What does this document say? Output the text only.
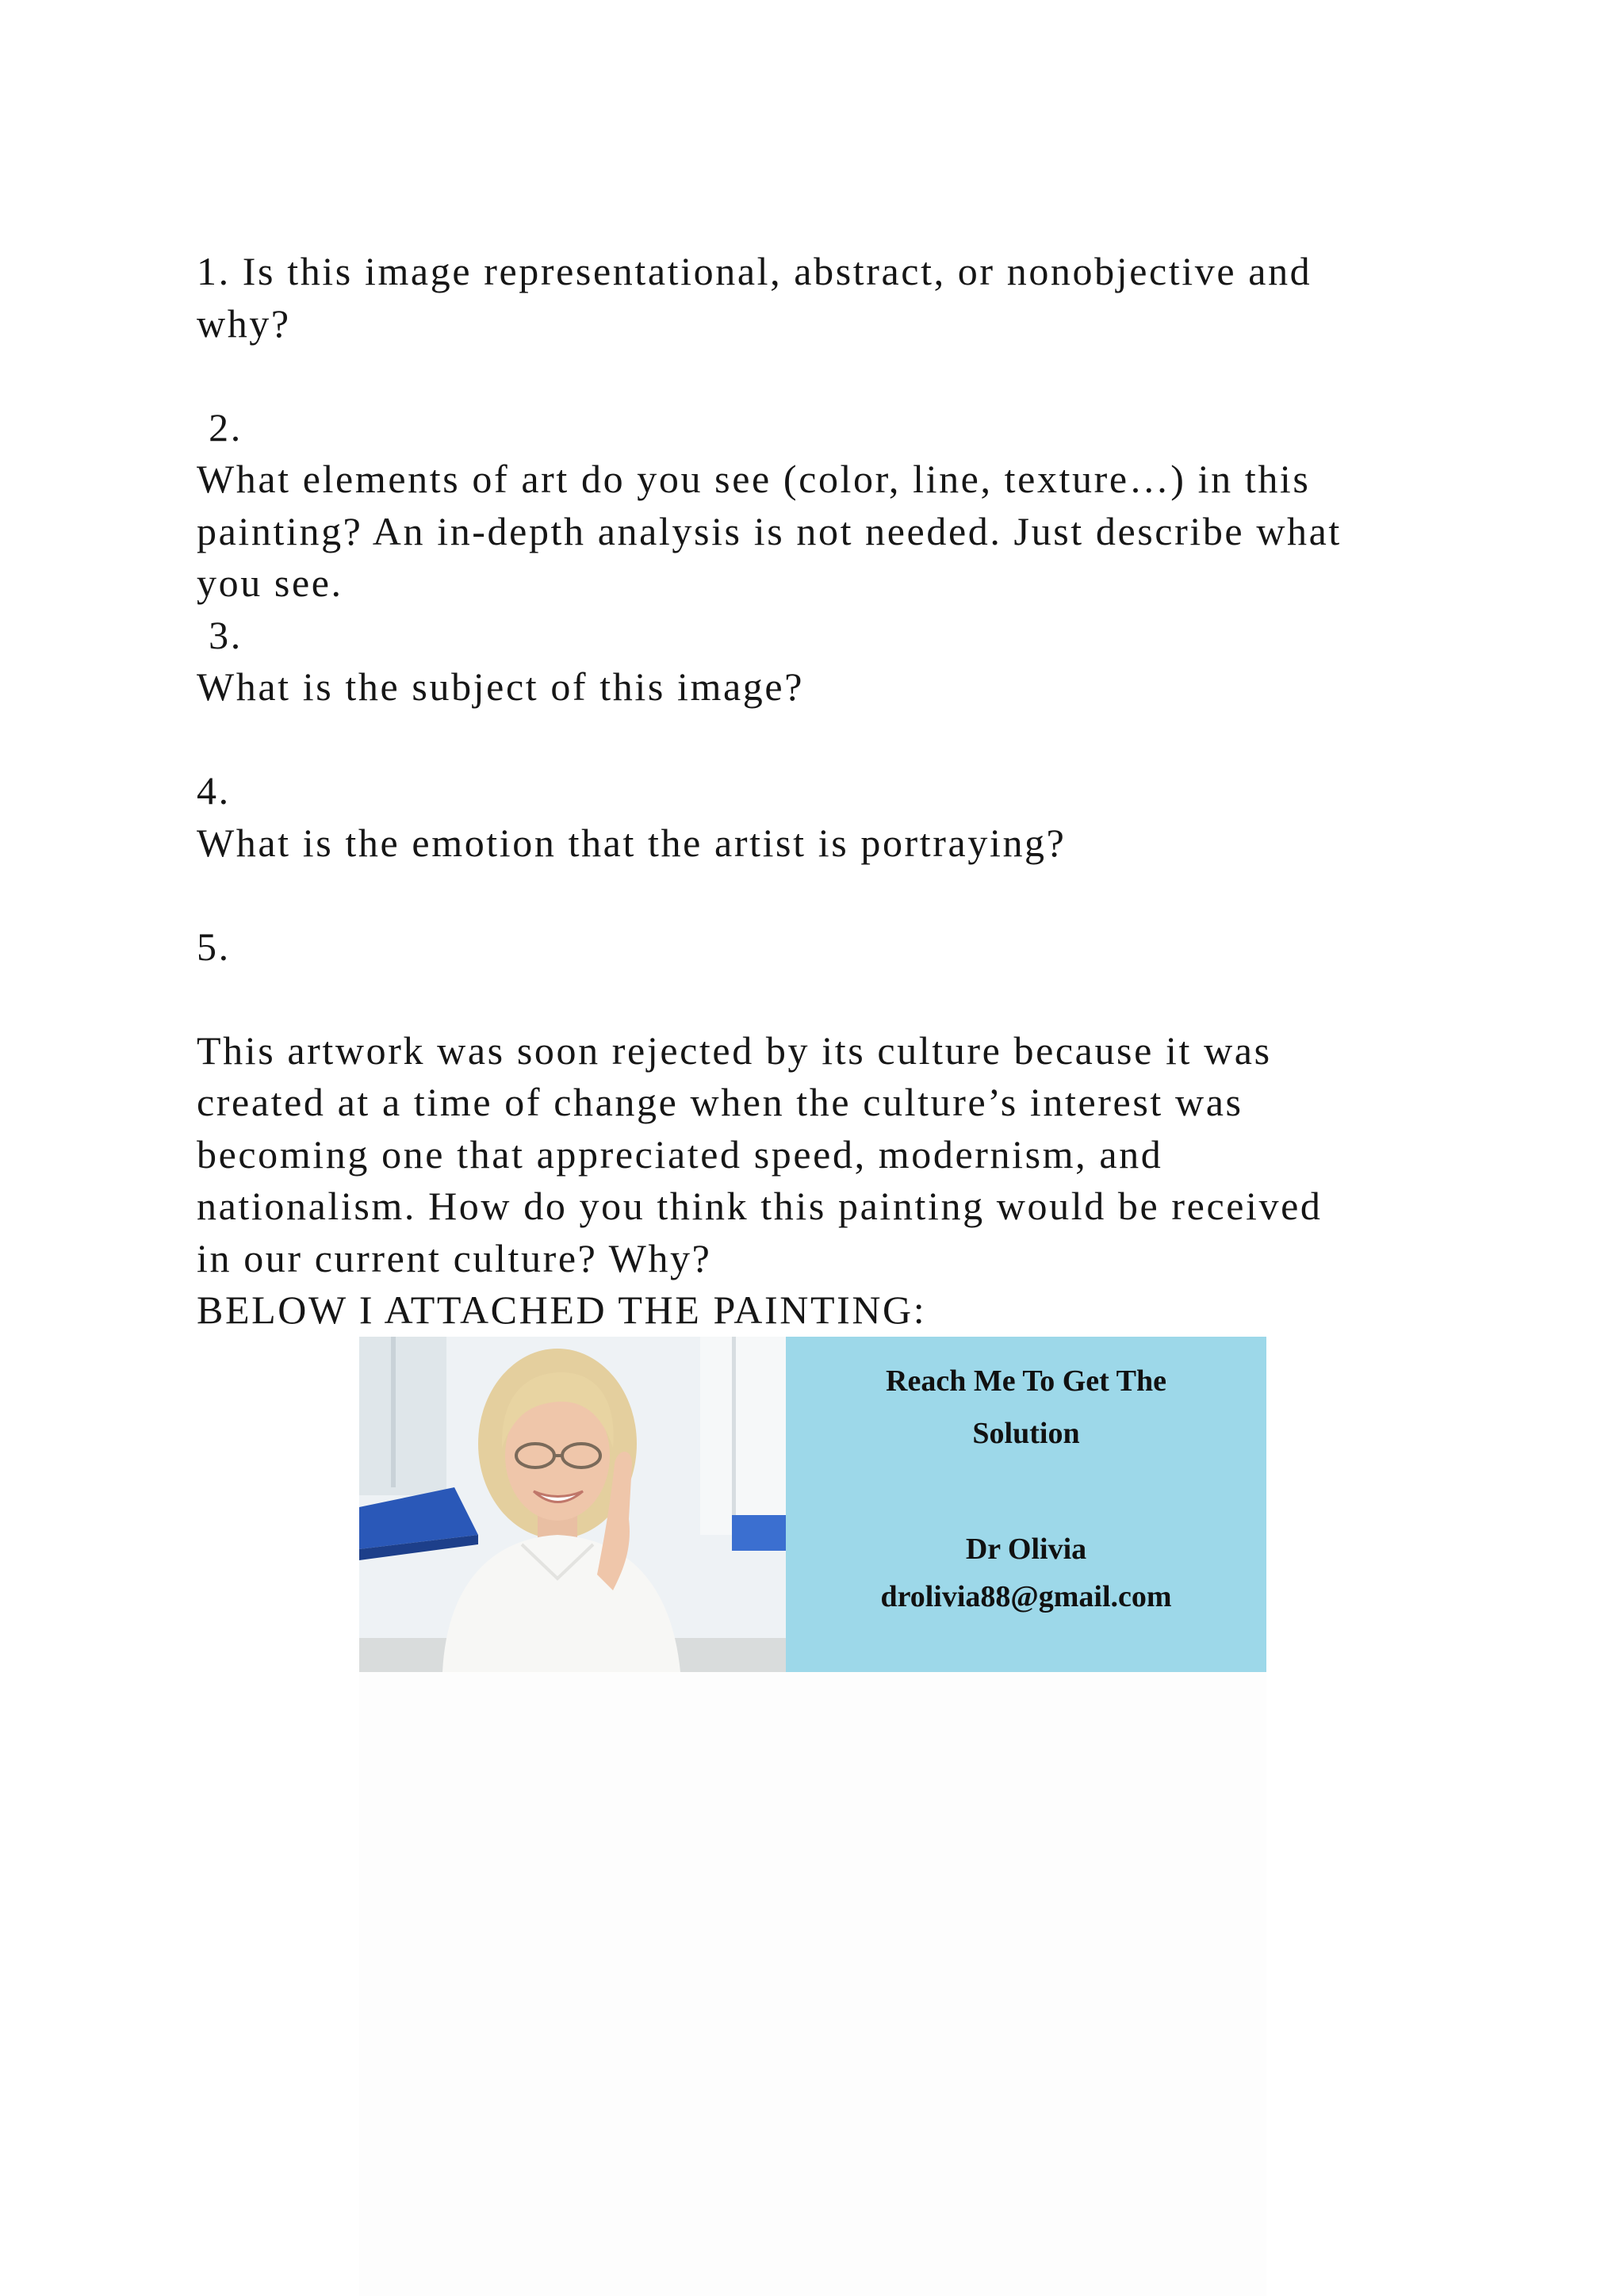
1. Is this image representational, abstract, or nonobjective and
why?
2.
What elements of art do you see (color, line, texture…) in this
painting? An in-depth analysis is not needed. Just describe what
you see.
3.
What is the subject of this image?
4.
What is the emotion that the artist is portraying?
5.
This artwork was soon rejected by its culture because it was
created at a time of change when the culture’s interest was
becoming one that appreciated speed, modernism, and
nationalism. How do you think this painting would be received
in our current culture? Why?
BELOW I ATTACHED THE PAINTING:
Reach Me To Get The
Solution
Dr Olivia
drolivia88@gmail.com
